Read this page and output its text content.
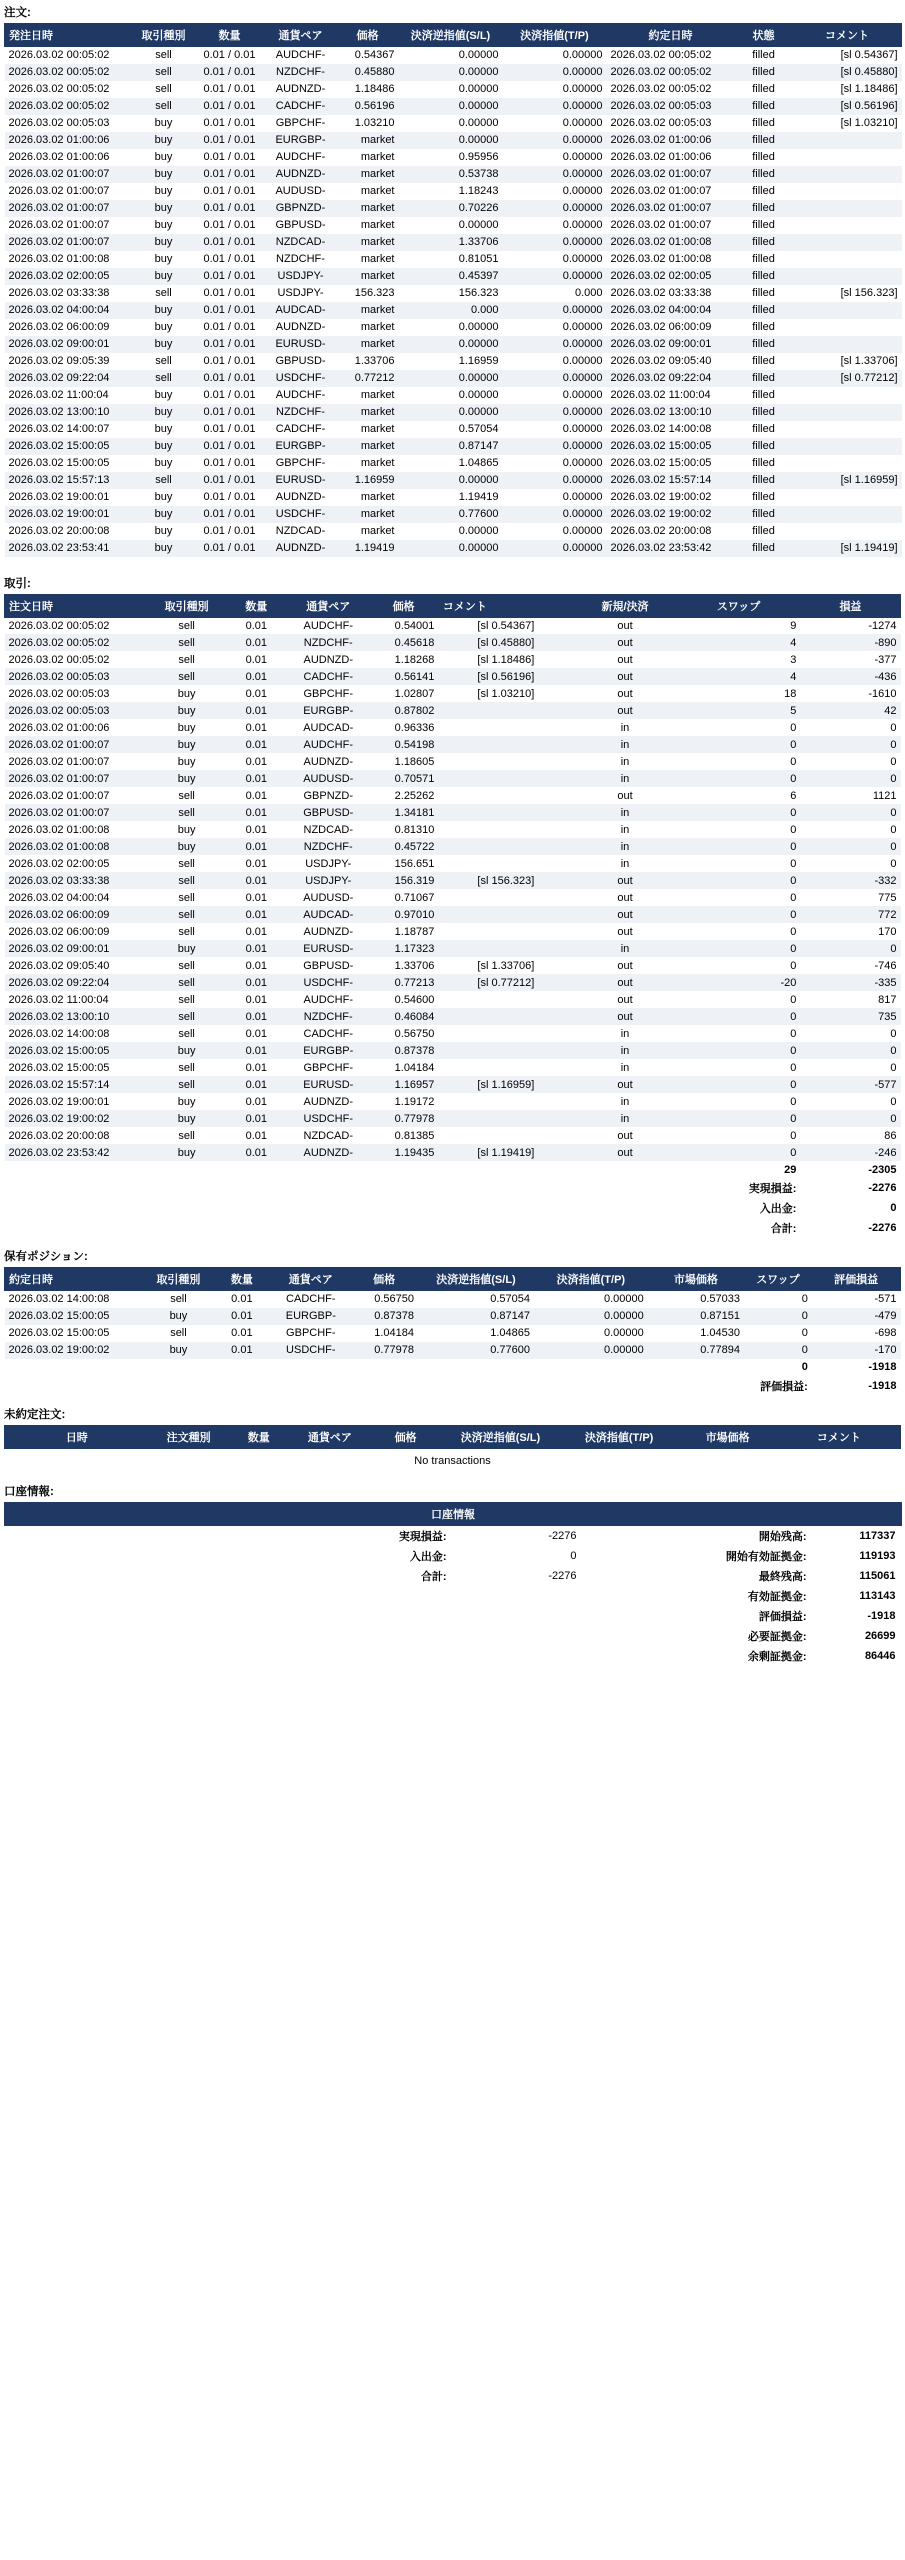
注文:
発注日時	取引種別	数量	通貨ペア	価格	決済逆指値(S/L)	決済指値(T/P)	約定日時	状態	コメント
2026.03.02 00:05:02	sell	0.01 / 0.01	AUDCHF-	0.54367	0.00000	0.00000	2026.03.02 00:05:02	filled	[sl 0.54367]
2026.03.02 00:05:02	sell	0.01 / 0.01	NZDCHF-	0.45880	0.00000	0.00000	2026.03.02 00:05:02	filled	[sl 0.45880]
2026.03.02 00:05:02	sell	0.01 / 0.01	AUDNZD-	1.18486	0.00000	0.00000	2026.03.02 00:05:02	filled	[sl 1.18486]
2026.03.02 00:05:02	sell	0.01 / 0.01	CADCHF-	0.56196	0.00000	0.00000	2026.03.02 00:05:03	filled	[sl 0.56196]
2026.03.02 00:05:03	buy	0.01 / 0.01	GBPCHF-	1.03210	0.00000	0.00000	2026.03.02 00:05:03	filled	[sl 1.03210]
2026.03.02 01:00:06	buy	0.01 / 0.01	EURGBP-	market	0.00000	0.00000	2026.03.02 01:00:06	filled	
2026.03.02 01:00:06	buy	0.01 / 0.01	AUDCHF-	market	0.95956	0.00000	2026.03.02 01:00:06	filled	
2026.03.02 01:00:07	buy	0.01 / 0.01	AUDNZD-	market	0.53738	0.00000	2026.03.02 01:00:07	filled	
2026.03.02 01:00:07	buy	0.01 / 0.01	AUDUSD-	market	1.18243	0.00000	2026.03.02 01:00:07	filled	
2026.03.02 01:00:07	buy	0.01 / 0.01	GBPNZD-	market	0.70226	0.00000	2026.03.02 01:00:07	filled	
2026.03.02 01:00:07	buy	0.01 / 0.01	GBPUSD-	market	0.00000	0.00000	2026.03.02 01:00:07	filled	
2026.03.02 01:00:07	buy	0.01 / 0.01	NZDCAD-	market	1.33706	0.00000	2026.03.02 01:00:08	filled	
2026.03.02 01:00:08	buy	0.01 / 0.01	NZDCHF-	market	0.81051	0.00000	2026.03.02 01:00:08	filled	
2026.03.02 02:00:05	buy	0.01 / 0.01	USDJPY-	market	0.45397	0.00000	2026.03.02 02:00:05	filled	
2026.03.02 03:33:38	sell	0.01 / 0.01	USDJPY-	156.323	156.323	0.000	2026.03.02 03:33:38	filled	[sl 156.323]
2026.03.02 04:00:04	buy	0.01 / 0.01	AUDCAD-	market	0.000	0.00000	2026.03.02 04:00:04	filled	
2026.03.02 06:00:09	buy	0.01 / 0.01	AUDNZD-	market	0.00000	0.00000	2026.03.02 06:00:09	filled	
2026.03.02 09:00:01	buy	0.01 / 0.01	EURUSD-	market	0.00000	0.00000	2026.03.02 09:00:01	filled	
2026.03.02 09:05:39	sell	0.01 / 0.01	GBPUSD-	1.33706	1.16959	0.00000	2026.03.02 09:05:40	filled	[sl 1.33706]
2026.03.02 09:22:04	sell	0.01 / 0.01	USDCHF-	0.77212	0.00000	0.00000	2026.03.02 09:22:04	filled	[sl 0.77212]
2026.03.02 11:00:04	buy	0.01 / 0.01	AUDCHF-	market	0.00000	0.00000	2026.03.02 11:00:04	filled	
2026.03.02 13:00:10	buy	0.01 / 0.01	NZDCHF-	market	0.00000	0.00000	2026.03.02 13:00:10	filled	
2026.03.02 14:00:07	buy	0.01 / 0.01	CADCHF-	market	0.57054	0.00000	2026.03.02 14:00:08	filled	
2026.03.02 15:00:05	buy	0.01 / 0.01	EURGBP-	market	0.87147	0.00000	2026.03.02 15:00:05	filled	
2026.03.02 15:00:05	buy	0.01 / 0.01	GBPCHF-	market	1.04865	0.00000	2026.03.02 15:00:05	filled	
2026.03.02 15:57:13	sell	0.01 / 0.01	EURUSD-	1.16959	0.00000	0.00000	2026.03.02 15:57:14	filled	[sl 1.16959]
2026.03.02 19:00:01	buy	0.01 / 0.01	AUDNZD-	market	1.19419	0.00000	2026.03.02 19:00:02	filled	
2026.03.02 19:00:01	buy	0.01 / 0.01	USDCHF-	market	0.77600	0.00000	2026.03.02 19:00:02	filled	
2026.03.02 20:00:08	buy	0.01 / 0.01	NZDCAD-	market	0.00000	0.00000	2026.03.02 20:00:08	filled	
2026.03.02 23:53:41	buy	0.01 / 0.01	AUDNZD-	1.19419	0.00000	0.00000	2026.03.02 23:53:42	filled	[sl 1.19419]
取引:
注文日時	取引種別	数量	通貨ペア	価格	コメント	新規/決済	スワップ	損益
2026.03.02 00:05:02	sell	0.01	AUDCHF-	0.54001	[sl 0.54367]	out	9	-1274
2026.03.02 00:05:02	sell	0.01	NZDCHF-	0.45618	[sl 0.45880]	out	4	-890
2026.03.02 00:05:02	sell	0.01	AUDNZD-	1.18268	[sl 1.18486]	out	3	-377
2026.03.02 00:05:03	sell	0.01	CADCHF-	0.56141	[sl 0.56196]	out	4	-436
2026.03.02 00:05:03	buy	0.01	GBPCHF-	1.02807	[sl 1.03210]	out	18	-1610
2026.03.02 00:05:03	buy	0.01	EURGBP-	0.87802		out	5	42
2026.03.02 01:00:06	buy	0.01	AUDCAD-	0.96336		in	0	0
2026.03.02 01:00:07	buy	0.01	AUDCHF-	0.54198		in	0	0
2026.03.02 01:00:07	buy	0.01	AUDNZD-	1.18605		in	0	0
2026.03.02 01:00:07	buy	0.01	AUDUSD-	0.70571		in	0	0
2026.03.02 01:00:07	sell	0.01	GBPNZD-	2.25262		out	6	1121
2026.03.02 01:00:07	sell	0.01	GBPUSD-	1.34181		in	0	0
2026.03.02 01:00:08	buy	0.01	NZDCAD-	0.81310		in	0	0
2026.03.02 01:00:08	buy	0.01	NZDCHF-	0.45722		in	0	0
2026.03.02 02:00:05	sell	0.01	USDJPY-	156.651		in	0	0
2026.03.02 03:33:38	sell	0.01	USDJPY-	156.319	[sl 156.323]	out	0	-332
2026.03.02 04:00:04	sell	0.01	AUDUSD-	0.71067		out	0	775
2026.03.02 06:00:09	sell	0.01	AUDCAD-	0.97010		out	0	772
2026.03.02 06:00:09	sell	0.01	AUDNZD-	1.18787		out	0	170
2026.03.02 09:00:01	buy	0.01	EURUSD-	1.17323		in	0	0
2026.03.02 09:05:40	sell	0.01	GBPUSD-	1.33706	[sl 1.33706]	out	0	-746
2026.03.02 09:22:04	sell	0.01	USDCHF-	0.77213	[sl 0.77212]	out	-20	-335
2026.03.02 11:00:04	sell	0.01	AUDCHF-	0.54600		out	0	817
2026.03.02 13:00:10	sell	0.01	NZDCHF-	0.46084		out	0	735
2026.03.02 14:00:08	sell	0.01	CADCHF-	0.56750		in	0	0
2026.03.02 15:00:05	buy	0.01	EURGBP-	0.87378		in	0	0
2026.03.02 15:00:05	sell	0.01	GBPCHF-	1.04184		in	0	0
2026.03.02 15:57:14	sell	0.01	EURUSD-	1.16957	[sl 1.16959]	out	0	-577
2026.03.02 19:00:01	buy	0.01	AUDNZD-	1.19172		in	0	0
2026.03.02 19:00:02	buy	0.01	USDCHF-	0.77978		in	0	0
2026.03.02 20:00:08	sell	0.01	NZDCAD-	0.81385		out	0	86
2026.03.02 23:53:42	buy	0.01	AUDNZD-	1.19435	[sl 1.19419]	out	0	-246
							29	-2305
							実現損益:	-2276
							入出金:	0
							合計:	-2276
保有ポジション:
約定日時	取引種別	数量	通貨ペア	価格	決済逆指値(S/L)	決済指値(T/P)	市場価格	スワップ	評価損益
2026.03.02 14:00:08	sell	0.01	CADCHF-	0.56750	0.57054	0.00000	0.57033	0	-571
2026.03.02 15:00:05	buy	0.01	EURGBP-	0.87378	0.87147	0.00000	0.87151	0	-479
2026.03.02 15:00:05	sell	0.01	GBPCHF-	1.04184	1.04865	0.00000	1.04530	0	-698
2026.03.02 19:00:02	buy	0.01	USDCHF-	0.77978	0.77600	0.00000	0.77894	0	-170
								0	-1918
								評価損益:	-1918
未約定注文:
日時	注文種別	数量	通貨ペア	価格	決済逆指値(S/L)	決済指値(T/P)	市場価格	コメント
No transactions
口座情報:
口座情報					
	実現損益:	-2276		開始残高:	117337
	入出金:	0		開始有効証拠金:	119193
	合計:	-2276		最終残高:	115061
				有効証拠金:	113143
				評価損益:	-1918
				必要証拠金:	26699
				余剰証拠金:	86446
